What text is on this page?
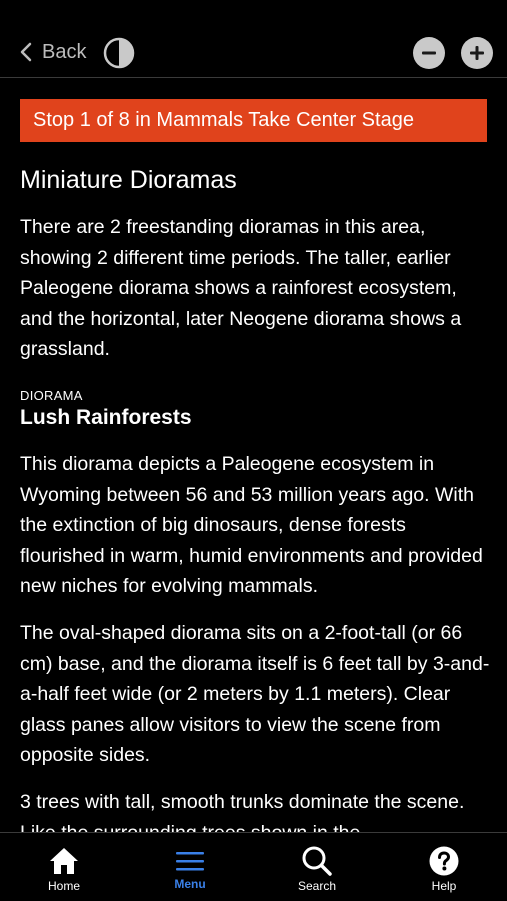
Back
Stop 1 of 8 in Mammals Take Center Stage
Miniature Dioramas

There are 2 freestanding dioramas in this area, showing 2 different time periods. The taller, earlier Paleogene diorama shows a rainforest ecosystem, and the horizontal, later Neogene diorama shows a grassland.

DIORAMA
Lush Rainforests

This diorama depicts a Paleogene ecosystem in Wyoming between 56 and 53 million years ago. With the extinction of big dinosaurs, dense forests flourished in warm, humid environments and provided new niches for evolving mammals.

The oval-shaped diorama sits on a 2-foot-tall (or 66 cm) base, and the diorama itself is 6 feet tall by 3-and-a-half feet wide (or 2 meters by 1.1 meters). Clear glass panes allow visitors to view the scene from opposite sides.

3 trees with tall, smooth trunks dominate the scene.

Home	Menu	Search	Help
